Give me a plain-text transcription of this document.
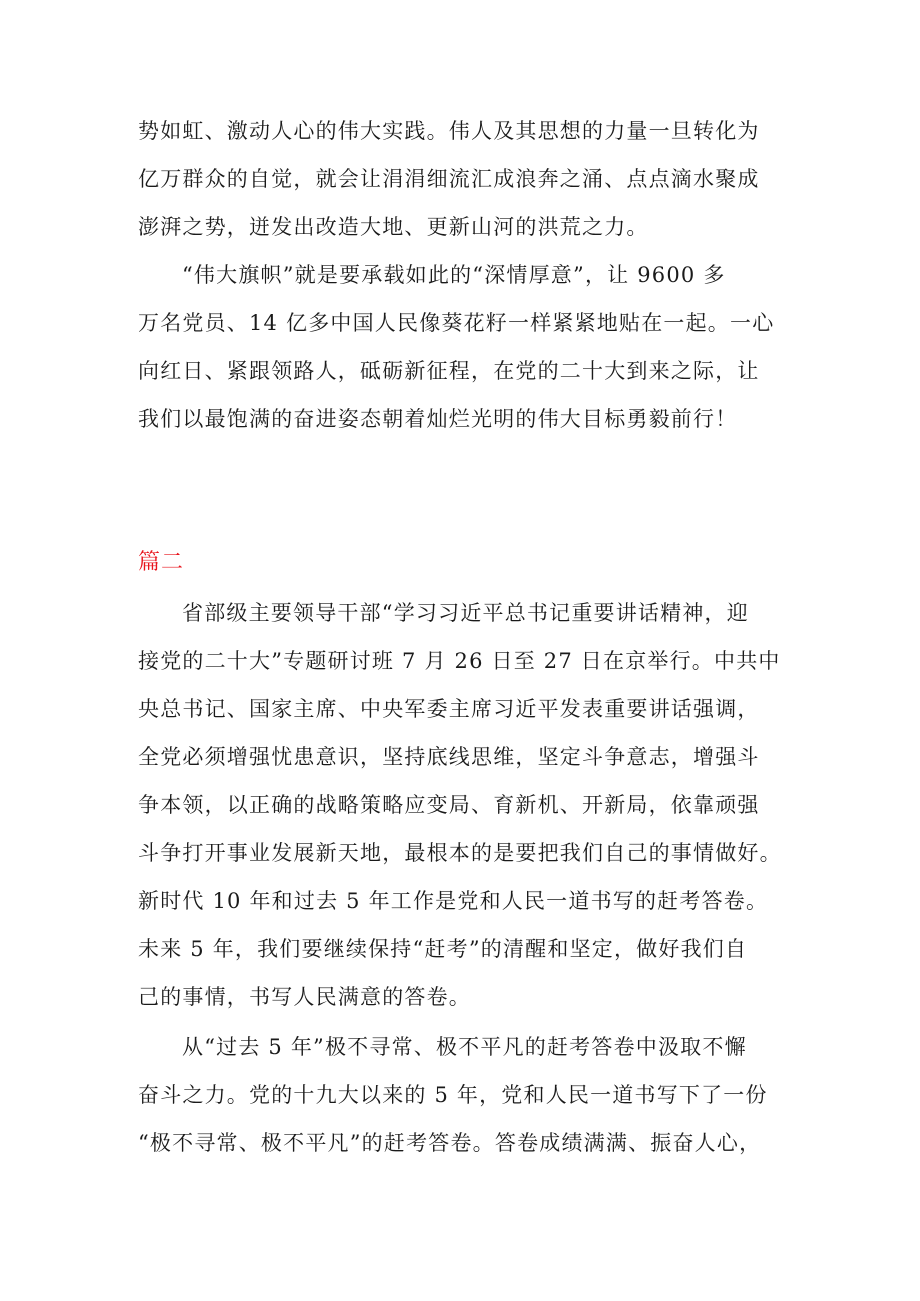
势如虹、激动人心的伟大实践。伟人及其思想的力量一旦转化为
亿万群众的自觉，就会让涓涓细流汇成浪奔之涌、点点滴水聚成
澎湃之势，迸发出改造大地、更新山河的洪荒之力。
“伟大旗帜”就是要承载如此的“深情厚意”，让 9600 多
万名党员、14 亿多中国人民像葵花籽一样紧紧地贴在一起。一心
向红日、紧跟领路人，砥砺新征程，在党的二十大到来之际，让
我们以最饱满的奋进姿态朝着灿烂光明的伟大目标勇毅前行！
篇二
省部级主要领导干部“学习习近平总书记重要讲话精神，迎
接党的二十大”专题研讨班 7 月 26 日至 27 日在京举行。中共中
央总书记、国家主席、中央军委主席习近平发表重要讲话强调，
全党必须增强忧患意识，坚持底线思维，坚定斗争意志，增强斗
争本领，以正确的战略策略应变局、育新机、开新局，依靠顽强
斗争打开事业发展新天地，最根本的是要把我们自己的事情做好。
新时代 10 年和过去 5 年工作是党和人民一道书写的赶考答卷。
未来 5 年，我们要继续保持“赶考”的清醒和坚定，做好我们自
己的事情，书写人民满意的答卷。
从“过去 5 年”极不寻常、极不平凡的赶考答卷中汲取不懈
奋斗之力。党的十九大以来的 5 年，党和人民一道书写下了一份
“极不寻常、极不平凡”的赶考答卷。答卷成绩满满、振奋人心，
